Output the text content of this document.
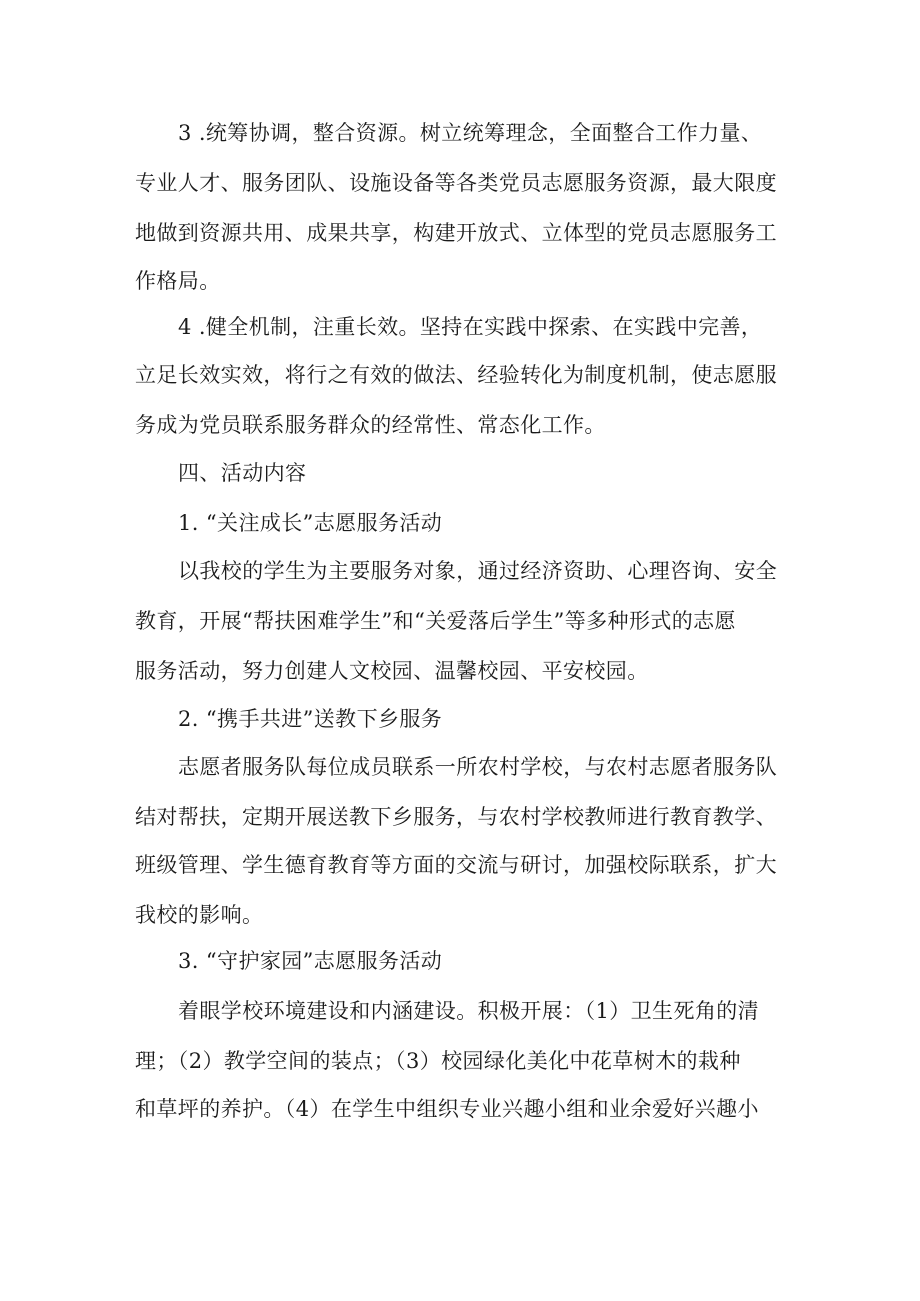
3 .统筹协调，整合资源。树立统筹理念，全面整合工作力量、
专业人才、服务团队、设施设备等各类党员志愿服务资源，最大限度
地做到资源共用、成果共享，构建开放式、立体型的党员志愿服务工
作格局。
4 .健全机制，注重长效。坚持在实践中探索、在实践中完善，
立足长效实效，将行之有效的做法、经验转化为制度机制，使志愿服
务成为党员联系服务群众的经常性、常态化工作。
四、活动内容
1. “关注成长”志愿服务活动
以我校的学生为主要服务对象，通过经济资助、心理咨询、安全
教育，开展“帮扶困难学生”和“关爱落后学生”等多种形式的志愿
服务活动，努力创建人文校园、温馨校园、平安校园。
2. “携手共进”送教下乡服务
志愿者服务队每位成员联系一所农村学校，与农村志愿者服务队
结对帮扶，定期开展送教下乡服务，与农村学校教师进行教育教学、
班级管理、学生德育教育等方面的交流与研讨，加强校际联系，扩大
我校的影响。
3. “守护家园”志愿服务活动
着眼学校环境建设和内涵建设。积极开展：（1）卫生死角的清
理；（2）教学空间的装点；（3）校园绿化美化中花草树木的栽种
和草坪的养护。（4）在学生中组织专业兴趣小组和业余爱好兴趣小
